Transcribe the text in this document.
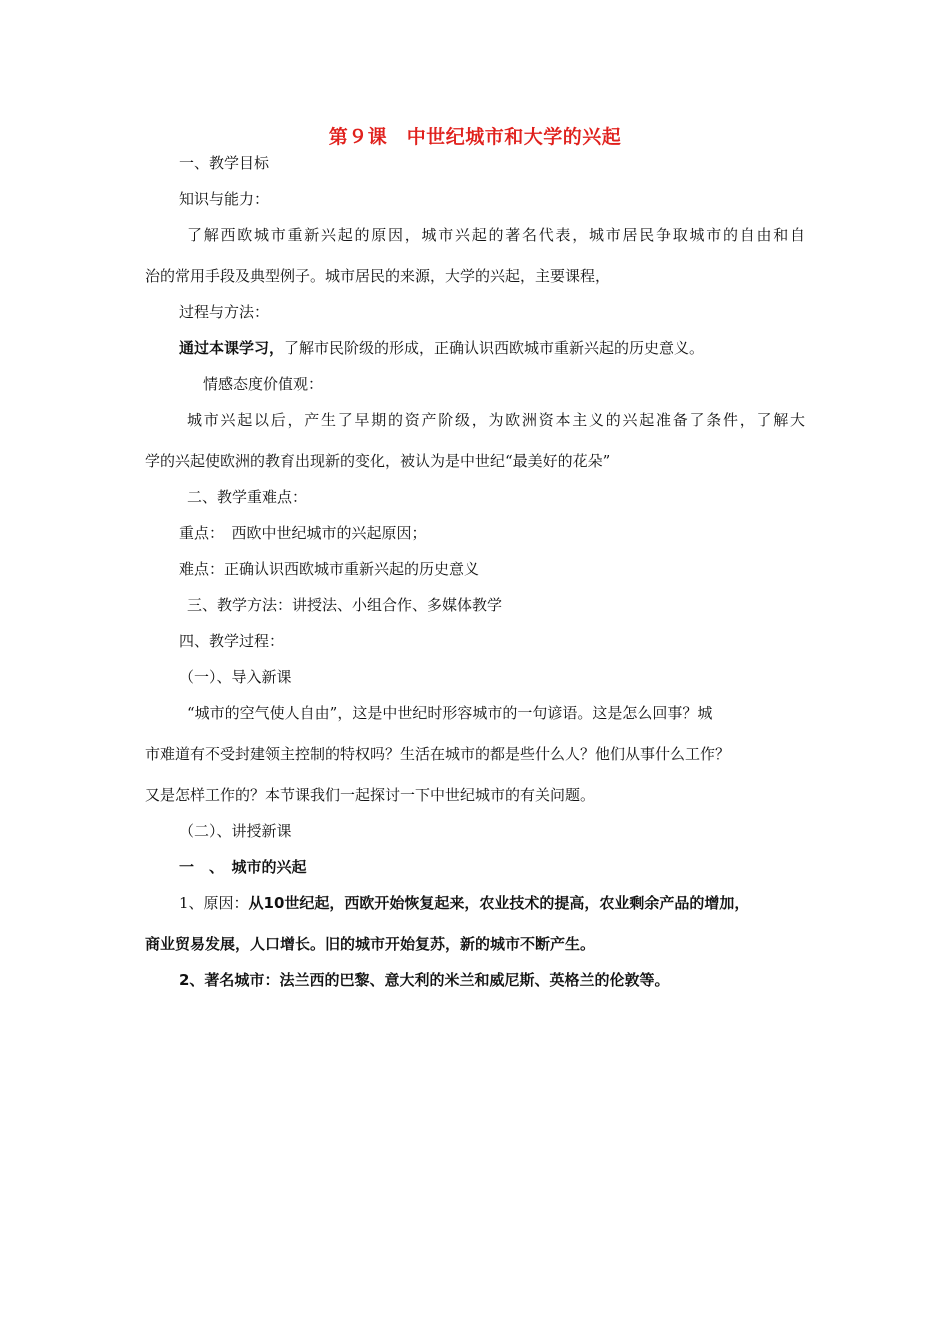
第９课　中世纪城市和大学的兴起
一、教学目标
知识与能力：
了解西欧城市重新兴起的原因，城市兴起的著名代表，城市居民争取城市的自由和自
治的常用手段及典型例子。城市居民的来源，大学的兴起，主要课程，
过程与方法：
通过本课学习，了解市民阶级的形成，正确认识西欧城市重新兴起的历史意义。
情感态度价值观：
城市兴起以后，产生了早期的资产阶级，为欧洲资本主义的兴起准备了条件，了解大
学的兴起使欧洲的教育出现新的变化，被认为是中世纪“最美好的花朵”
二、教学重难点：
重点：　西欧中世纪城市的兴起原因；
难点：正确认识西欧城市重新兴起的历史意义
三、教学方法：讲授法、小组合作、多媒体教学
四、教学过程：
（一）、导入新课
“城市的空气使人自由”，这是中世纪时形容城市的一句谚语。这是怎么回事？城
市难道有不受封建领主控制的特权吗？生活在城市的都是些什么人？他们从事什么工作？
又是怎样工作的？本节课我们一起探讨一下中世纪城市的有关问题。
（二）、讲授新课
一　、　城市的兴起
1、原因：从10世纪起，西欧开始恢复起来，农业技术的提高，农业剩余产品的增加，
商业贸易发展，人口增长。旧的城市开始复苏，新的城市不断产生。
2、著名城市：法兰西的巴黎、意大利的米兰和威尼斯、英格兰的伦敦等。
